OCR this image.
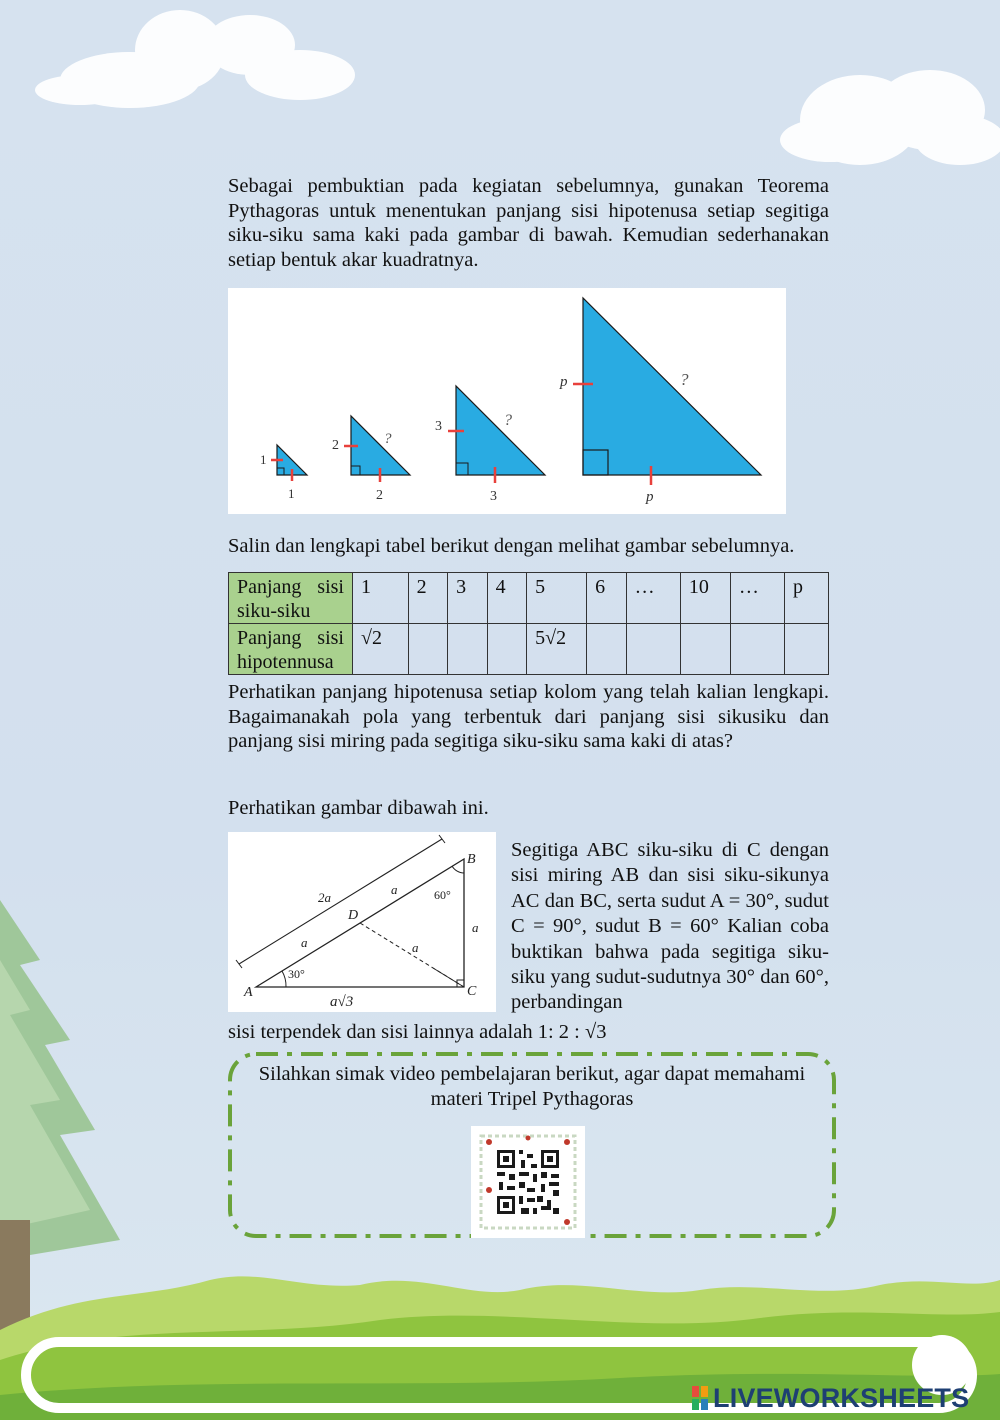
Sebagai pembuktian pada kegiatan sebelumnya, gunakan Teorema Pythagoras untuk menentukan panjang sisi hipotenusa setiap segitiga siku-siku sama kaki pada gambar di bawah. Kemudian sederhanakan setiap bentuk akar kuadratnya.

1
1
2
2
?
3
3
?
p
p
?

Salin dan lengkapi tabel berikut dengan melihat gambar sebelumnya.

Panjang sisi siku-siku	1	2	3	4	5	6	…	10	…	p
Panjang sisi hipotennusa	√2				5√2					

Perhatikan panjang hipotenusa setiap kolom yang telah kalian lengkapi. Bagaimanakah pola yang terbentuk dari panjang sisi sikusiku dan panjang sisi miring pada segitiga siku-siku sama kaki di atas?

Perhatikan gambar dibawah ini.

A
B
C
D
2a
a
a	a
a
30°
60°
a√3

Segitiga ABC siku-siku di C dengan sisi miring AB dan sisi siku-sikunya AC dan BC, serta sudut A = 30°, sudut C = 90°, sudut B = 60° Kalian coba buktikan bahwa pada segitiga siku-siku yang sudut-sudutnya 30° dan 60°, perbandingan

sisi terpendek dan sisi lainnya adalah 1: 2 : √3

Silahkan simak video pembelajaran berikut, agar dapat memahami
materi Tripel Pythagoras

LIVEWORKSHEETS
